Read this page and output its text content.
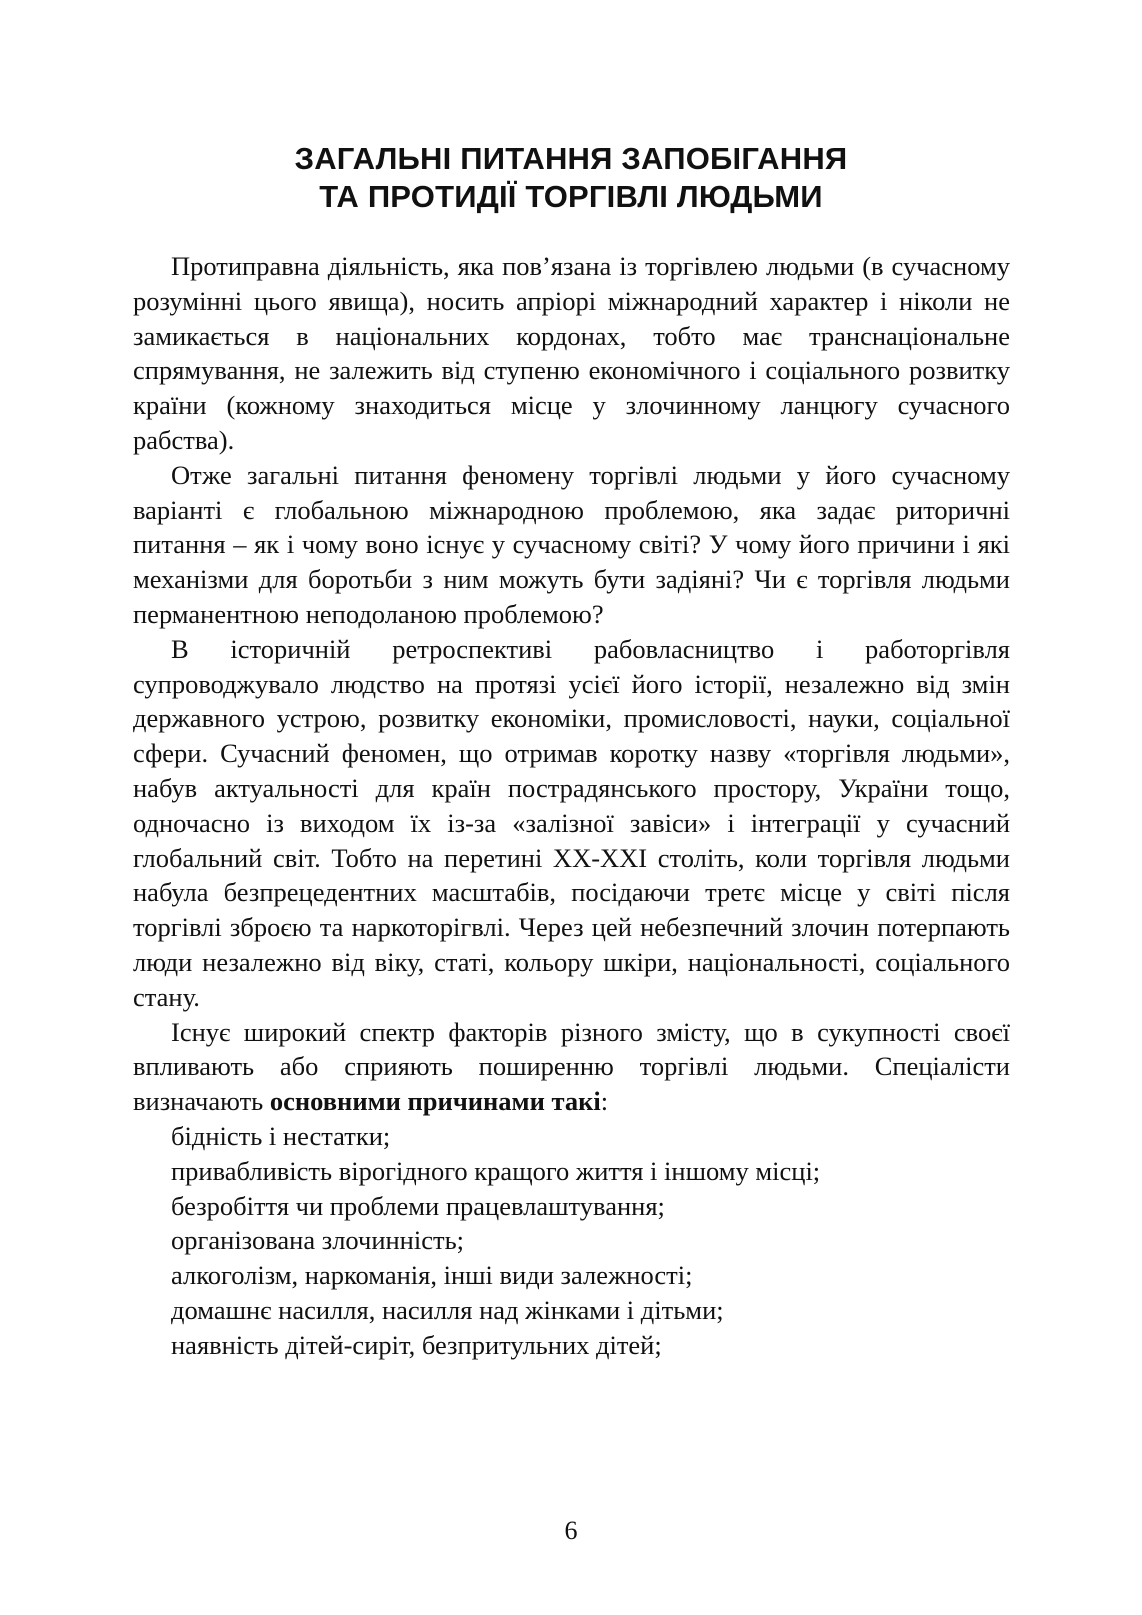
ЗАГАЛЬНІ ПИТАННЯ ЗАПОБІГАННЯ
ТА ПРОТИДІЇ ТОРГІВЛІ ЛЮДЬМИ

Протиправна діяльність, яка пов’язана із торгівлею людьми (в сучасному розумінні цього явища), носить апріорі міжнародний характер і ніколи не замикається в національних кордонах, тобто має транснаціональне спрямування, не залежить від ступеню економічного і соціального розвитку країни (кожному знаходиться місце у злочинному ланцюгу сучасного рабства).

Отже загальні питання феномену торгівлі людьми у його сучасному варіанті є глобальною міжнародною проблемою, яка задає риторичні питання – як і чому воно існує у сучасному світі? У чому його причини і які механізми для боротьби з ним можуть бути задіяні? Чи є торгівля людьми перманентною неподоланою проблемою?

В історичній ретроспективі рабовласництво і работоргівля супроводжувало людство на протязі усієї його історії, незалежно від змін державного устрою, розвитку економіки, промисловості, науки, соціальної сфери. Сучасний феномен, що отримав коротку назву «торгівля людьми», набув актуальності для країн пострадянського простору, України тощо, одночасно із виходом їх із-за «залізної завіси» і інтеграції у сучасний глобальний світ. Тобто на перетині ХХ-ХХІ століть, коли торгівля людьми набула безпрецедентних масштабів, посідаючи третє місце у світі після торгівлі зброєю та наркоторігвлі. Через цей небезпечний злочин потерпають люди незалежно від віку, статі, кольору шкіри, національності, соціального стану.

Існує широкий спектр факторів різного змісту, що в сукупності своєї впливають або сприяють поширенню торгівлі людьми. Спеціалісти визначають основними причинами такі:

бідність і нестатки;
привабливість вірогідного кращого життя і іншому місці;
безробіття чи проблеми працевлаштування;
організована злочинність;
алкоголізм, наркоманія, інші види залежності;
домашнє насилля, насилля над жінками і дітьми;
наявність дітей-сиріт, безпритульних дітей;
6
